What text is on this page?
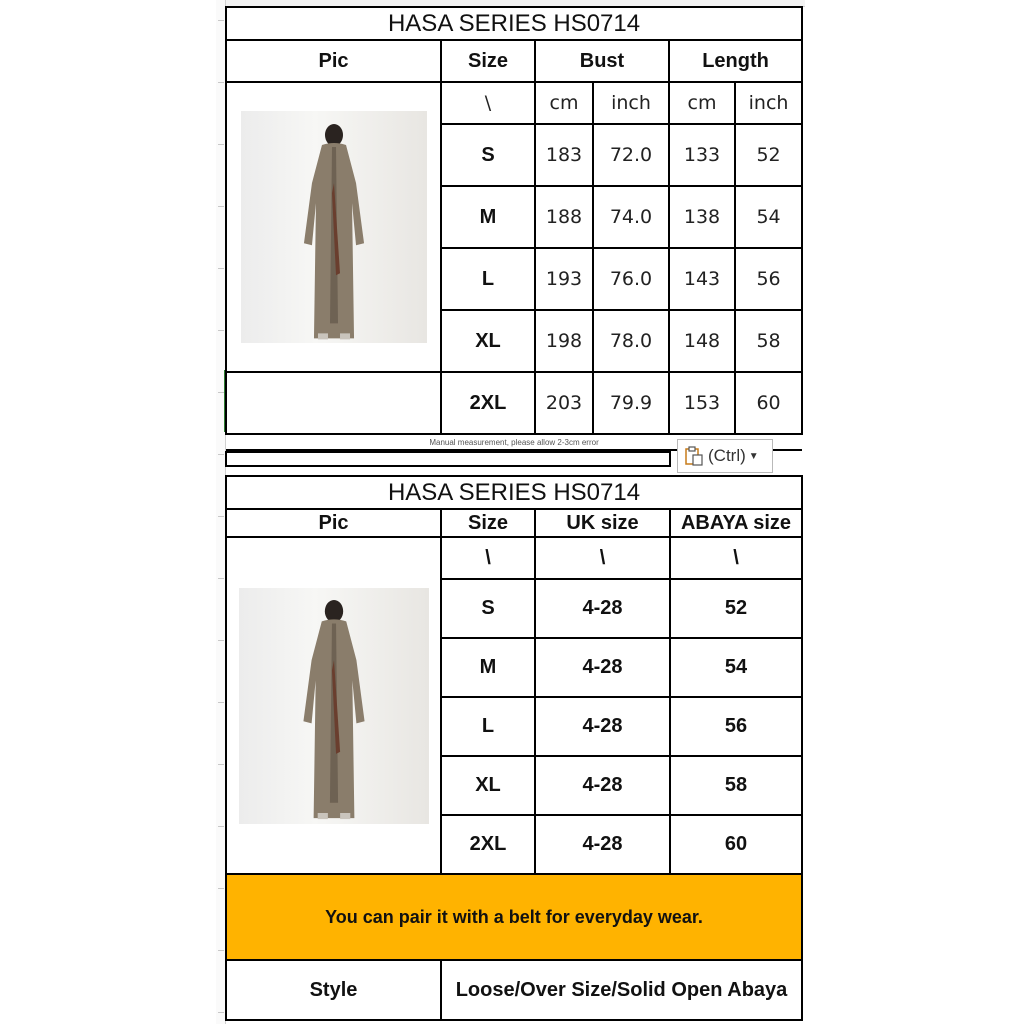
HASA SERIES HS0714					
Pic	Size	Bust		Length	

	\	cm	inch	cm	inch
	S	183	72.0	133	52
	M	188	74.0	138	54
	L	193	76.0	143	56
	XL	198	78.0	148	58
	2XL	203	79.9	153	60
Manual measurement, please allow 2-3cm error					
(Ctrl) ▼
HASA SERIES HS0714			
Pic	Size	UK size	ABAYA size

	\	\	\
	S	4-28	52
	M	4-28	54
	L	4-28	56
	XL	4-28	58
	2XL	4-28	60
You can pair it with a belt for everyday wear.			
Style	Loose/Over Size/Solid Open Abaya		
